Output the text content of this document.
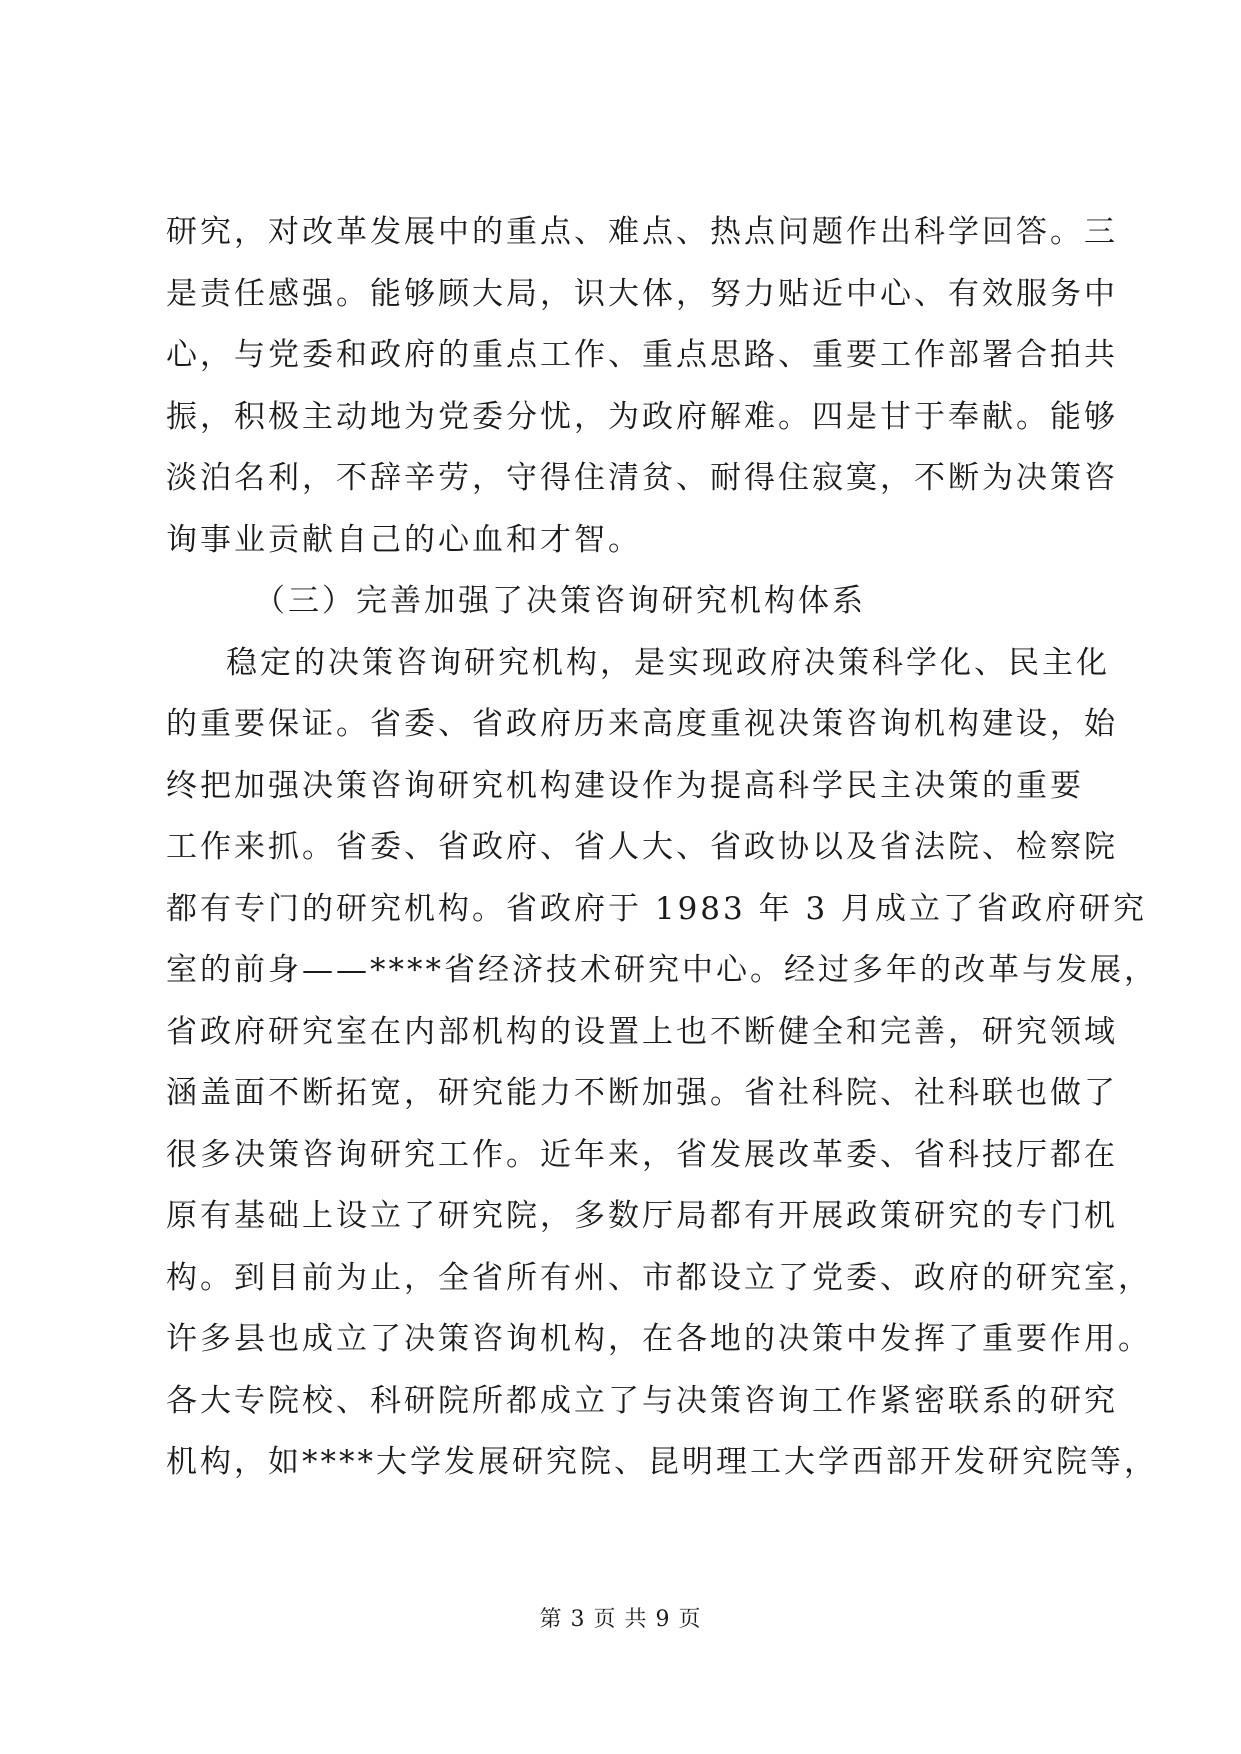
研究，对改革发展中的重点、难点、热点问题作出科学回答。三
是责任感强。能够顾大局，识大体，努力贴近中心、有效服务中
心，与党委和政府的重点工作、重点思路、重要工作部署合拍共
振，积极主动地为党委分忧，为政府解难。四是甘于奉献。能够
淡泊名利，不辞辛劳，守得住清贫、耐得住寂寞，不断为决策咨
询事业贡献自己的心血和才智。
（三）完善加强了决策咨询研究机构体系
稳定的决策咨询研究机构，是实现政府决策科学化、民主化
的重要保证。省委、省政府历来高度重视决策咨询机构建设，始
终把加强决策咨询研究机构建设作为提高科学民主决策的重要
工作来抓。省委、省政府、省人大、省政协以及省法院、检察院
都有专门的研究机构。省政府于 1983 年 3 月成立了省政府研究
室的前身——****省经济技术研究中心。经过多年的改革与发展，
省政府研究室在内部机构的设置上也不断健全和完善，研究领域
涵盖面不断拓宽，研究能力不断加强。省社科院、社科联也做了
很多决策咨询研究工作。近年来，省发展改革委、省科技厅都在
原有基础上设立了研究院，多数厅局都有开展政策研究的专门机
构。到目前为止，全省所有州、市都设立了党委、政府的研究室，
许多县也成立了决策咨询机构，在各地的决策中发挥了重要作用。
各大专院校、科研院所都成立了与决策咨询工作紧密联系的研究
机构，如****大学发展研究院、昆明理工大学西部开发研究院等，
第 3 页 共 9 页
